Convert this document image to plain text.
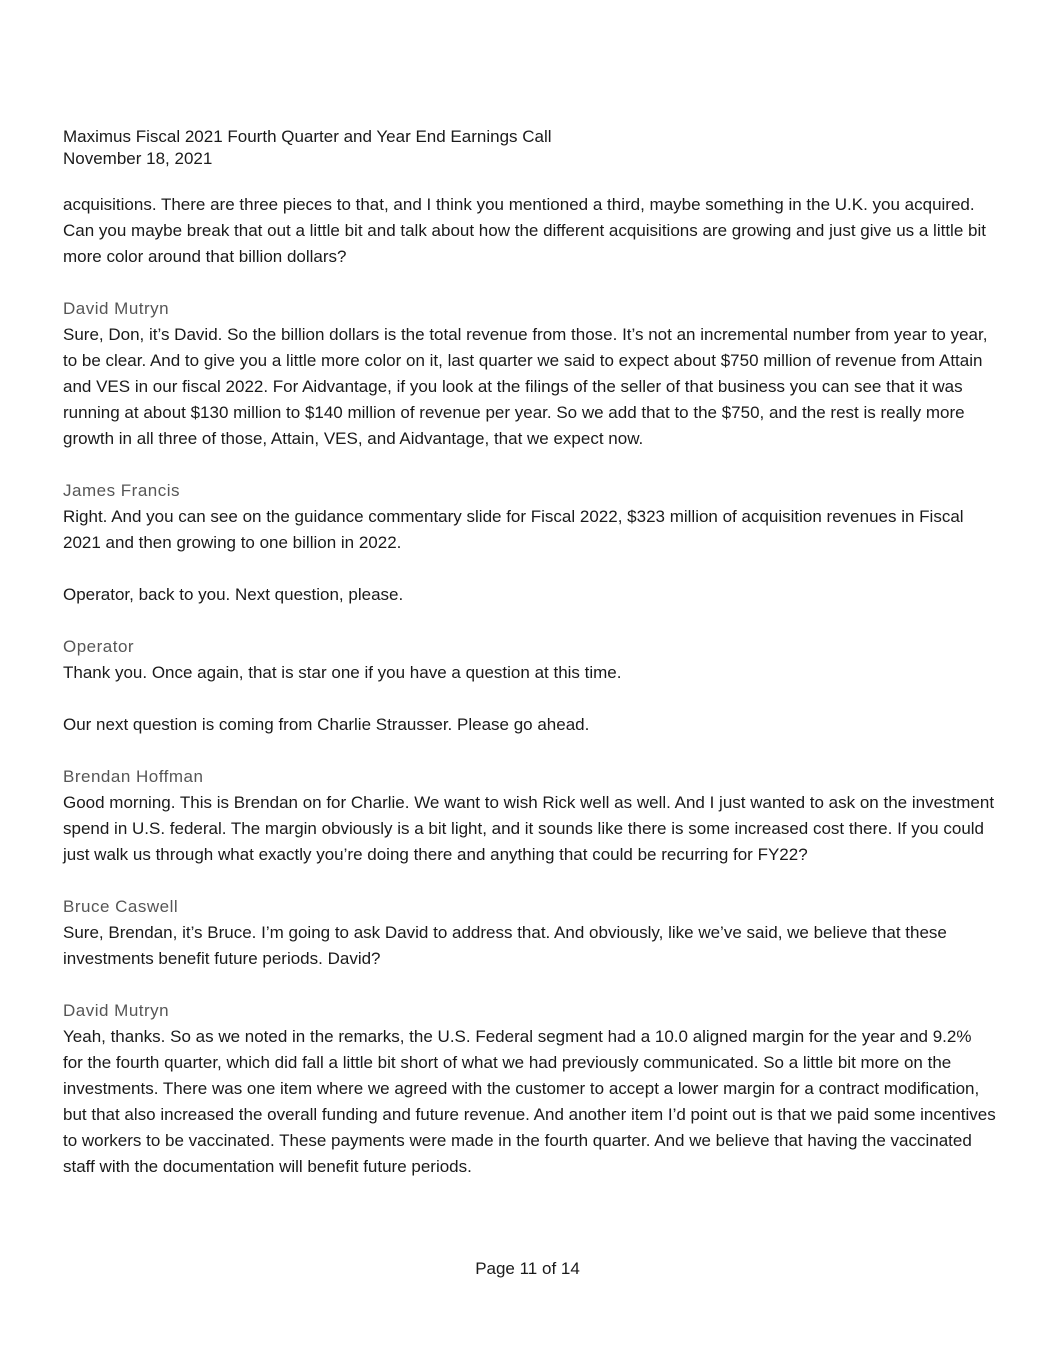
Maximus Fiscal 2021 Fourth Quarter and Year End Earnings Call
November 18, 2021

acquisitions. There are three pieces to that, and I think you mentioned a third, maybe something in the U.K. you acquired. Can you maybe break that out a little bit and talk about how the different acquisitions are growing and just give us a little bit more color around that billion dollars?

David Mutryn

Sure, Don, it’s David. So the billion dollars is the total revenue from those. It’s not an incremental number from year to year, to be clear. And to give you a little more color on it, last quarter we said to expect about $750 million of revenue from Attain and VES in our fiscal 2022. For Aidvantage, if you look at the filings of the seller of that business you can see that it was running at about $130 million to $140 million of revenue per year. So we add that to the $750, and the rest is really more growth in all three of those, Attain, VES, and Aidvantage, that we expect now.

James Francis

Right. And you can see on the guidance commentary slide for Fiscal 2022, $323 million of acquisition revenues in Fiscal 2021 and then growing to one billion in 2022.

Operator, back to you. Next question, please.

Operator

Thank you. Once again, that is star one if you have a question at this time.

Our next question is coming from Charlie Strausser. Please go ahead.

Brendan Hoffman

Good morning. This is Brendan on for Charlie. We want to wish Rick well as well. And I just wanted to ask on the investment spend in U.S. federal. The margin obviously is a bit light, and it sounds like there is some increased cost there. If you could just walk us through what exactly you’re doing there and anything that could be recurring for FY22?

Bruce Caswell

Sure, Brendan, it’s Bruce. I’m going to ask David to address that. And obviously, like we’ve said, we believe that these investments benefit future periods. David?

David Mutryn

Yeah, thanks. So as we noted in the remarks, the U.S. Federal segment had a 10.0 aligned margin for the year and 9.2% for the fourth quarter, which did fall a little bit short of what we had previously communicated. So a little bit more on the investments. There was one item where we agreed with the customer to accept a lower margin for a contract modification, but that also increased the overall funding and future revenue. And another item I’d point out is that we paid some incentives to workers to be vaccinated. These payments were made in the fourth quarter. And we believe that having the vaccinated staff with the documentation will benefit future periods.

Page 11 of 14
